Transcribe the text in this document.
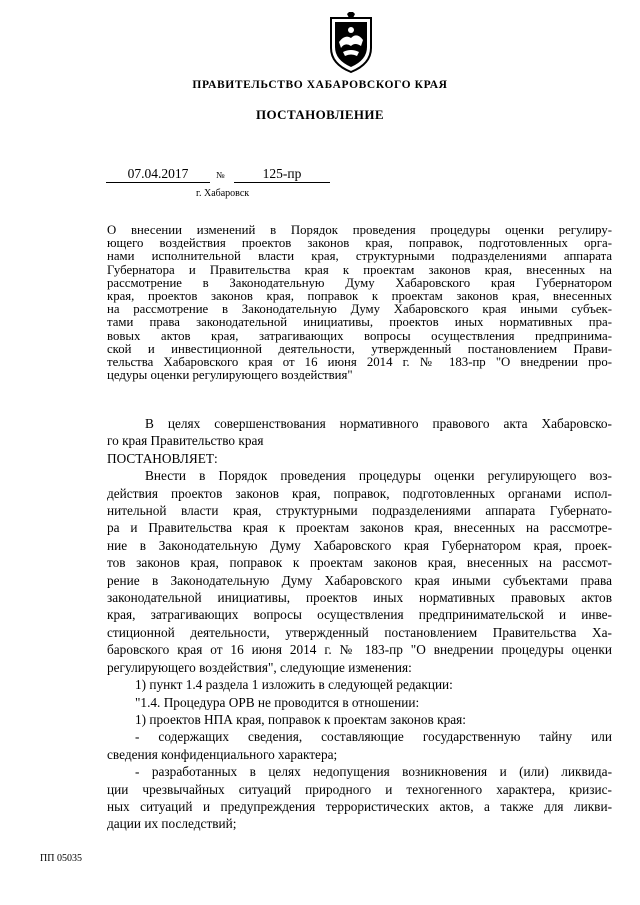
ПРАВИТЕЛЬСТВО ХАБАРОВСКОГО КРАЯ
ПОСТАНОВЛЕНИЕ
07.04.2017	№	125-пр
г. Хабаровск
О внесении изменений в Порядок проведения процедуры оценки регулиру-
ющего воздействия проектов законов края, поправок, подготовленных орга-
нами исполнительной власти края, структурными подразделениями аппарата
Губернатора и Правительства края к проектам законов края, внесенных на
рассмотрение в Законодательную Думу Хабаровского края Губернатором
края, проектов законов края, поправок к проектам законов края, внесенных
на рассмотрение в Законодательную Думу Хабаровского края иными субъек-
тами права законодательной инициативы, проектов иных нормативных пра-
вовых актов края, затрагивающих вопросы осуществления предпринима-
ской и инвестиционной деятельности, утвержденный постановлением Прави-
тельства Хабаровского края от 16 июня 2014 г. № 183-пр "О внедрении про-
цедуры оценки регулирующего воздействия"
В целях совершенствования нормативного правового акта Хабаровско-
го края Правительство края
ПОСТАНОВЛЯЕТ:
Внести в Порядок проведения процедуры оценки регулирующего воз-
действия проектов законов края, поправок, подготовленных органами испол-
нительной власти края, структурными подразделениями аппарата Губернато-
ра и Правительства края к проектам законов края, внесенных на рассмотре-
ние в Законодательную Думу Хабаровского края Губернатором края, проек-
тов законов края, поправок к проектам законов края, внесенных на рассмот-
рение в Законодательную Думу Хабаровского края иными субъектами права
законодательной инициативы, проектов иных нормативных правовых актов
края, затрагивающих вопросы осуществления предпринимательской и инве-
стиционной деятельности, утвержденный постановлением Правительства Ха-
баровского края от 16 июня 2014 г. № 183-пр "О внедрении процедуры оценки
регулирующего воздействия", следующие изменения:
1) пункт 1.4 раздела 1 изложить в следующей редакции:
"1.4. Процедура ОРВ не проводится в отношении:
1) проектов НПА края, поправок к проектам законов края:
- содержащих сведения, составляющие государственную тайну или
сведения конфиденциального характера;
- разработанных в целях недопущения возникновения и (или) ликвида-
ции чрезвычайных ситуаций природного и техногенного характера, кризис-
ных ситуаций и предупреждения террористических актов, а также для ликви-
дации их последствий;
ПП 05035
